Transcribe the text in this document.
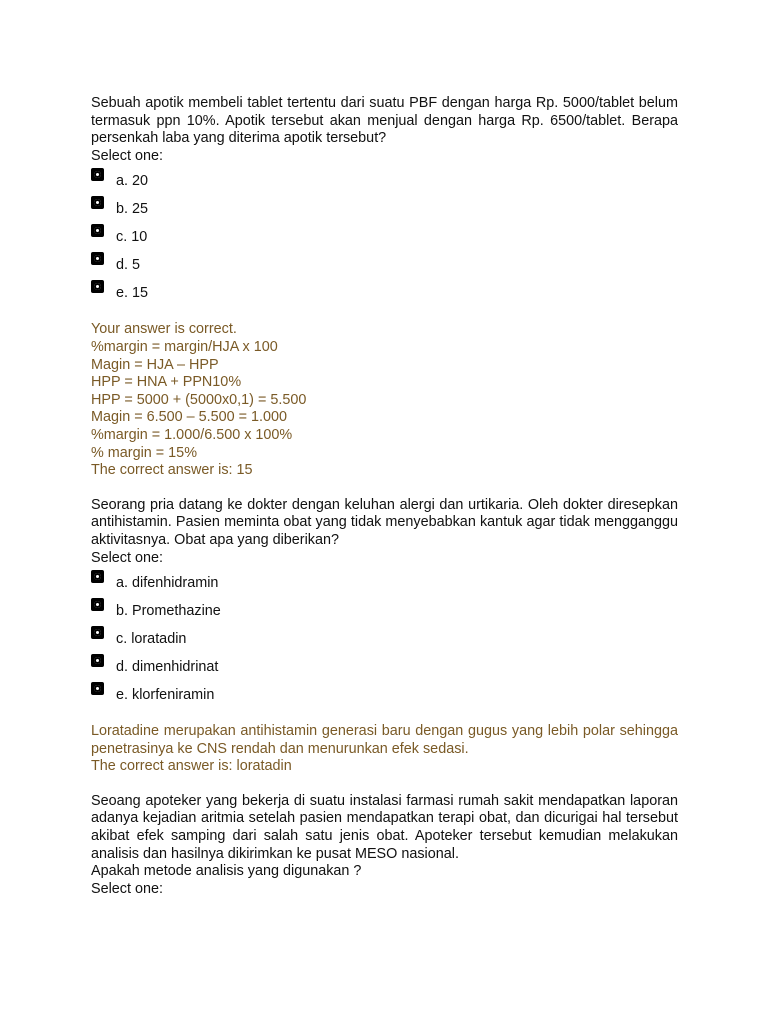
Sebuah apotik membeli tablet tertentu dari suatu PBF dengan harga Rp. 5000/tablet belum termasuk ppn 10%. Apotik tersebut akan menjual dengan harga Rp. 6500/tablet. Berapa persenkah laba yang diterima apotik tersebut?

Select one:

a. 20
b. 25
c. 10
d. 5
e. 15
Your answer is correct.
%margin = margin/HJA x 100
Magin = HJA – HPP
HPP = HNA + PPN10%
HPP = 5000 + (5000x0,1) = 5.500
Magin = 6.500 – 5.500 = 1.000
%margin = 1.000/6.500 x 100%
% margin = 15%
The correct answer is: 15

Seorang pria datang ke dokter dengan keluhan alergi dan urtikaria. Oleh dokter diresepkan antihistamin. Pasien meminta obat yang tidak menyebabkan kantuk agar tidak mengganggu aktivitasnya. Obat apa yang diberikan?

Select one:

a. difenhidramin
b. Promethazine
c. loratadin
d. dimenhidrinat
e. klorfeniramin
Loratadine merupakan antihistamin generasi baru dengan gugus yang lebih polar sehingga penetrasinya ke CNS rendah dan menurunkan efek sedasi.
The correct answer is: loratadin

Seoang apoteker yang bekerja di suatu instalasi farmasi rumah sakit mendapatkan laporan adanya kejadian aritmia setelah pasien mendapatkan terapi obat, dan dicurigai hal tersebut akibat efek samping dari salah satu jenis obat. Apoteker tersebut kemudian melakukan analisis dan hasilnya dikirimkan ke pusat MESO nasional.

Apakah metode analisis yang digunakan ?

Select one:
